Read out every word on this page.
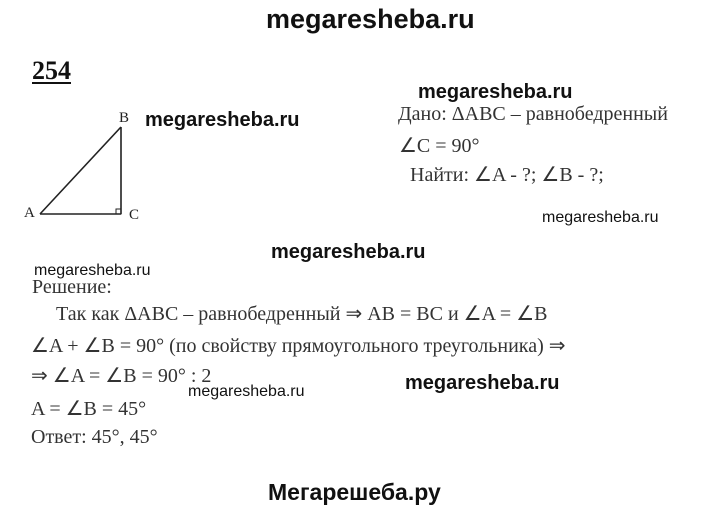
megaresheba.ru
254
A
B
C
megaresheba.ru
megaresheba.ru
Дано: ΔABC – равнобедренный
∠C = 90°
Найти: ∠A - ?; ∠B - ?;
megaresheba.ru
megaresheba.ru
megaresheba.ru
Решение:
Так как ΔABC – равнобедренный ⇒ AB = BC и ∠A = ∠B
∠A + ∠B = 90° (по свойству прямоугольного треугольника) ⇒
⇒ ∠A = ∠B = 90° : 2	megaresheba.ru
megaresheba.ru
A = ∠B = 45°
Ответ: 45°, 45°
Мегарешеба.ру
